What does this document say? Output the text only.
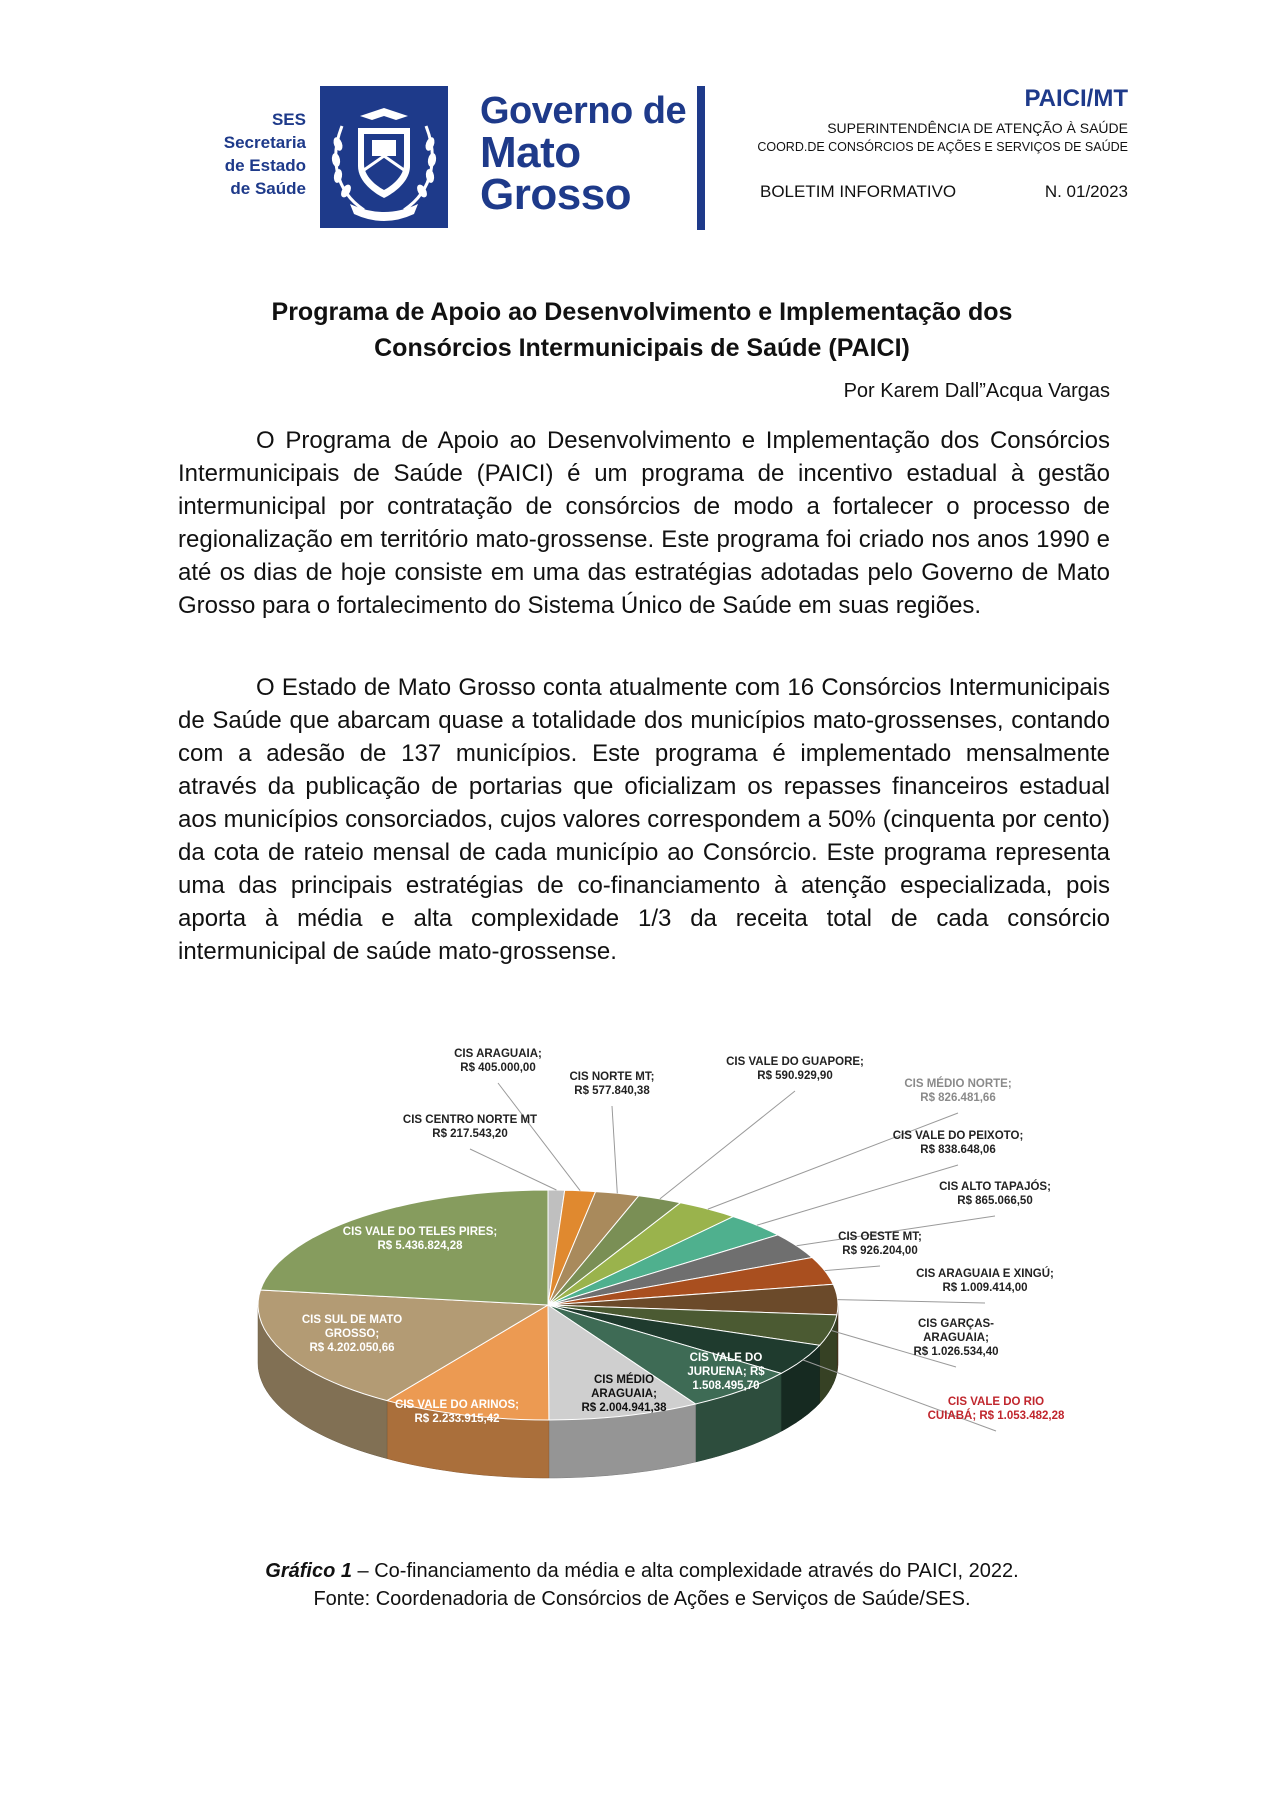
SES
Secretaria
de Estado
de Saúde
Governo de
Mato
Grosso
PAICI/MT
SUPERINTENDÊNCIA DE ATENÇÃO À SAÚDE
COORD.DE CONSÓRCIOS DE AÇÕES E SERVIÇOS DE SAÚDE
BOLETIM INFORMATIVO	N. 01/2023
Programa de Apoio ao Desenvolvimento e Implementação dos
Consórcios Intermunicipais de Saúde (PAICI)
Por Karem Dall”Acqua Vargas

O Programa de Apoio ao Desenvolvimento e Implementação dos Consórcios Intermunicipais de Saúde (PAICI) é um programa de incentivo estadual à gestão intermunicipal por contratação de consórcios de modo a fortalecer o processo de regionalização em território mato-grossense. Este programa foi criado nos anos 1990 e até os dias de hoje consiste em uma das estratégias adotadas pelo Governo de Mato Grosso para o fortalecimento do Sistema Único de Saúde em suas regiões.

O Estado de Mato Grosso conta atualmente com 16 Consórcios Intermunicipais de Saúde que abarcam quase a totalidade dos municípios mato-grossenses, contando com a adesão de 137 municípios. Este programa é implementado mensalmente através da publicação de portarias que oficializam os repasses financeiros estadual aos municípios consorciados, cujos valores correspondem a 50% (cinquenta por cento) da cota de rateio mensal de cada município ao Consórcio. Este programa representa uma das principais estratégias de co-financiamento à atenção especializada, pois aporta à média e alta complexidade 1/3 da receita total de cada consórcio intermunicipal de saúde mato-grossense.

CIS CENTRO NORTE MT R$ 217.543,20
CIS ARAGUAIA; R$ 405.000,00
CIS NORTE MT; R$ 577.840,38
CIS VALE DO GUAPORE; R$ 590.929,90
CIS MÉDIO NORTE; R$ 826.481,66
CIS VALE DO PEIXOTO; R$ 838.648,06
CIS ALTO TAPAJÓS; R$ 865.066,50
CIS OESTE MT; R$ 926.204,00
CIS ARAGUAIA E XINGÚ; R$ 1.009.414,00
CIS GARÇAS-ARAGUAIA; R$ 1.026.534,40
CIS VALE DO RIO CUIABÁ; R$ 1.053.482,28
CIS VALE DO JURUENA; R$ 1.508.495,70
CIS MÉDIO ARAGUAIA; R$ 2.004.941,38
CIS VALE DO ARINOS; R$ 2.233.915,42
CIS SUL DE MATO GROSSO; R$ 4.202.050,66
CIS VALE DO TELES PIRES; R$ 5.436.824,28
Gráfico 1 – Co-financiamento da média e alta complexidade através do PAICI, 2022.
Fonte: Coordenadoria de Consórcios de Ações e Serviços de Saúde/SES.
